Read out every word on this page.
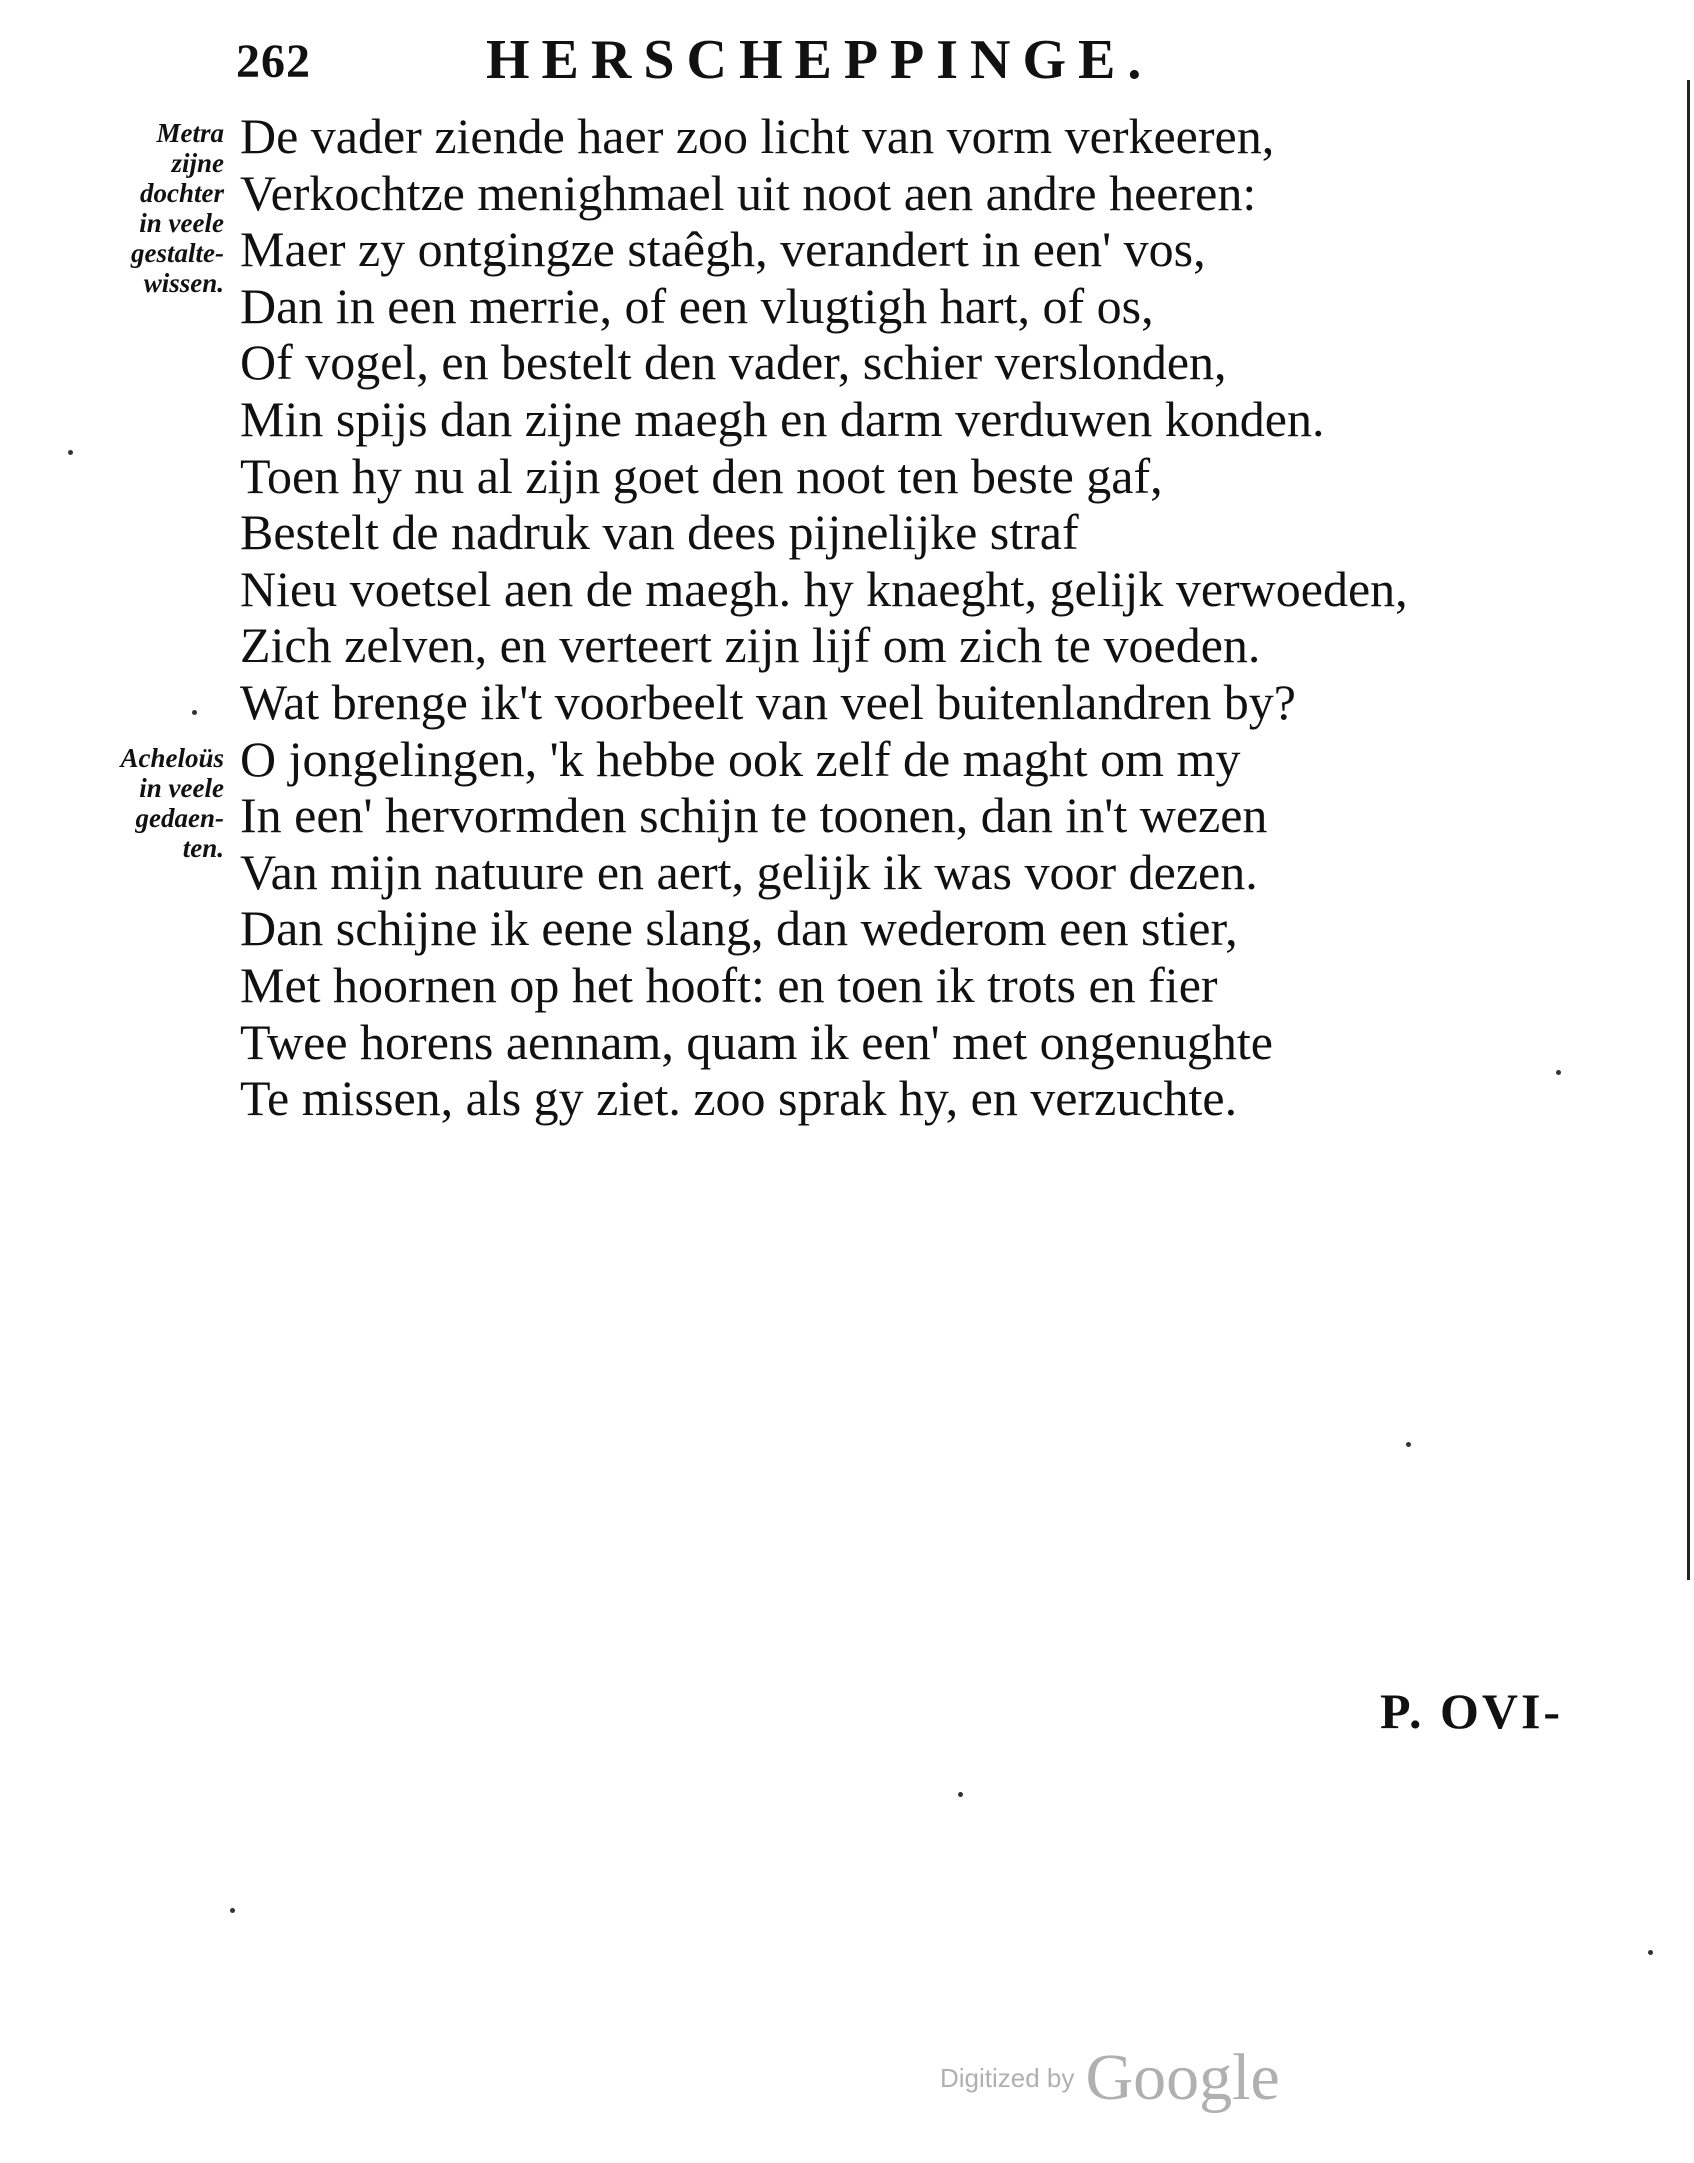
262	HERSCHEPPINGE.
Metra
zijne
dochter
in veele
gestalte-
wissen.
Acheloüs
in veele
gedaen-
ten.
De vader ziende haer zoo licht van vorm verkeeren,
Verkochtze menighmael uit noot aen andre heeren:
Maer zy ontgingze staêgh, verandert in een' vos,
Dan in een merrie, of een vlugtigh hart, of os,
Of vogel, en bestelt den vader, schier verslonden,
Min spijs dan zijne maegh en darm verduwen konden.
Toen hy nu al zijn goet den noot ten beste gaf,
Bestelt de nadruk van dees pijnelijke straf
Nieu voetsel aen de maegh. hy knaeght, gelijk verwoeden,
Zich zelven, en verteert zijn lijf om zich te voeden.
Wat brenge ik't voorbeelt van veel buitenlandren by?
O jongelingen, 'k hebbe ook zelf de maght om my
In een' hervormden schijn te toonen, dan in't wezen
Van mijn natuure en aert, gelijk ik was voor dezen.
Dan schijne ik eene slang, dan wederom een stier,
Met hoornen op het hooft: en toen ik trots en fier
Twee horens aennam, quam ik een' met ongenughte
Te missen, als gy ziet. zoo sprak hy, en verzuchte.
P. OVI-
Digitized by Google
